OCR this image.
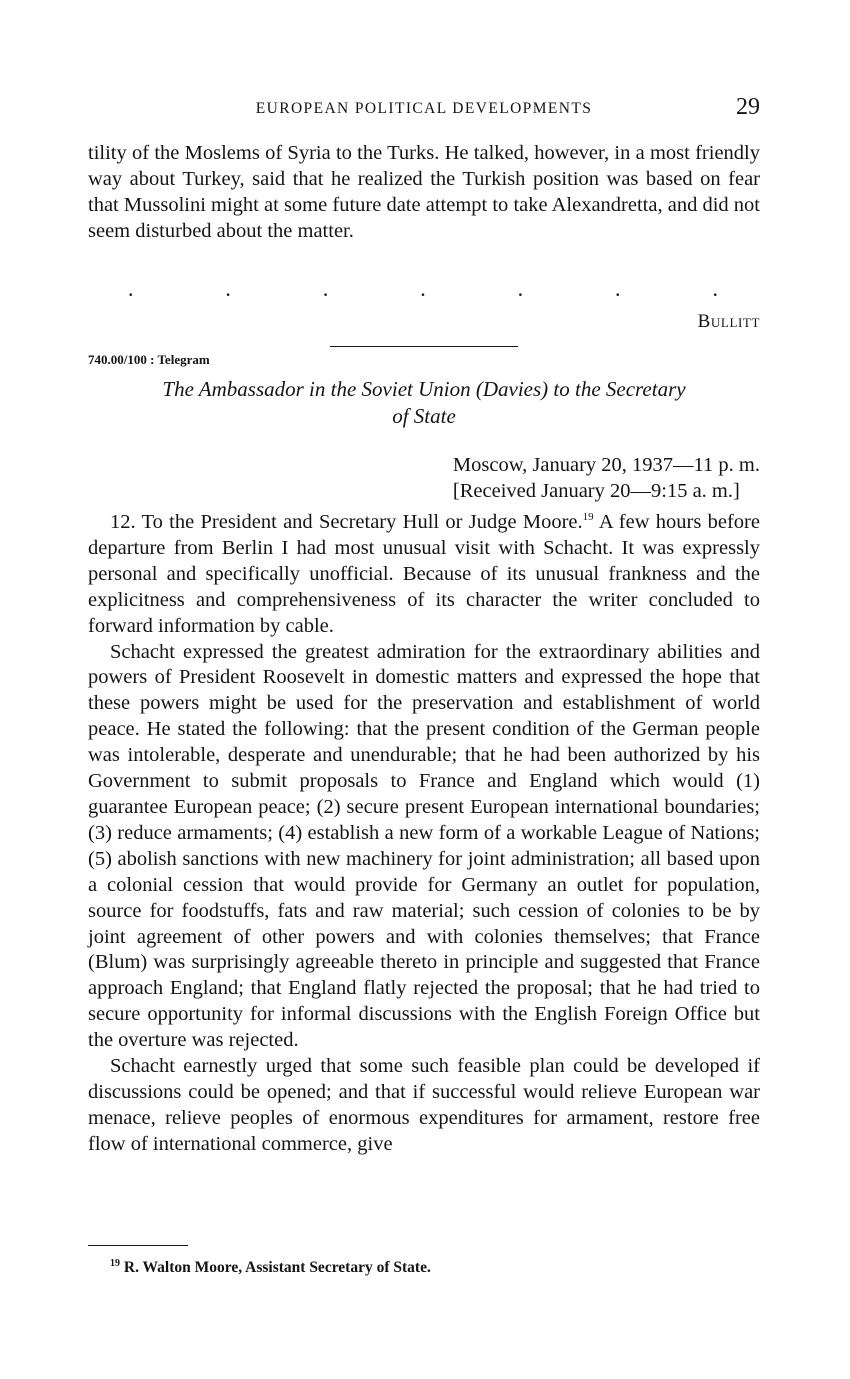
EUROPEAN POLITICAL DEVELOPMENTS	29

tility of the Moslems of Syria to the Turks. He talked, however, in a most friendly way about Turkey, said that he realized the Turkish position was based on fear that Mussolini might at some future date attempt to take Alexandretta, and did not seem disturbed about the matter.

.	.	.	.	.	.	.
Bullitt
740.00/100 : Telegram
The Ambassador in the Soviet Union (Davies) to the Secretary
of State
Moscow, January 20, 1937—11 p. m.
[Received January 20—9:15 a. m.]

12. To the President and Secretary Hull or Judge Moore.$^{19}$ A few hours before departure from Berlin I had most unusual visit with Schacht. It was expressly personal and specifically unofficial. Because of its unusual frankness and the explicitness and comprehensiveness of its character the writer concluded to forward information by cable.

Schacht expressed the greatest admiration for the extraordinary abilities and powers of President Roosevelt in domestic matters and expressed the hope that these powers might be used for the preservation and establishment of world peace. He stated the following: that the present condition of the German people was intolerable, desperate and unendurable; that he had been authorized by his Government to submit proposals to France and England which would (1) guarantee European peace; (2) secure present European international boundaries; (3) reduce armaments; (4) establish a new form of a workable League of Nations; (5) abolish sanctions with new machinery for joint administration; all based upon a colonial cession that would provide for Germany an outlet for population, source for foodstuffs, fats and raw material; such cession of colonies to be by joint agreement of other powers and with colonies themselves; that France (Blum) was surprisingly agreeable thereto in principle and suggested that France approach England; that England flatly rejected the proposal; that he had tried to secure opportunity for informal discussions with the English Foreign Office but the overture was rejected.

Schacht earnestly urged that some such feasible plan could be developed if discussions could be opened; and that if successful would relieve European war menace, relieve peoples of enormous expenditures for armament, restore free flow of international commerce, give

$^{19}$ R. Walton Moore, Assistant Secretary of State.
